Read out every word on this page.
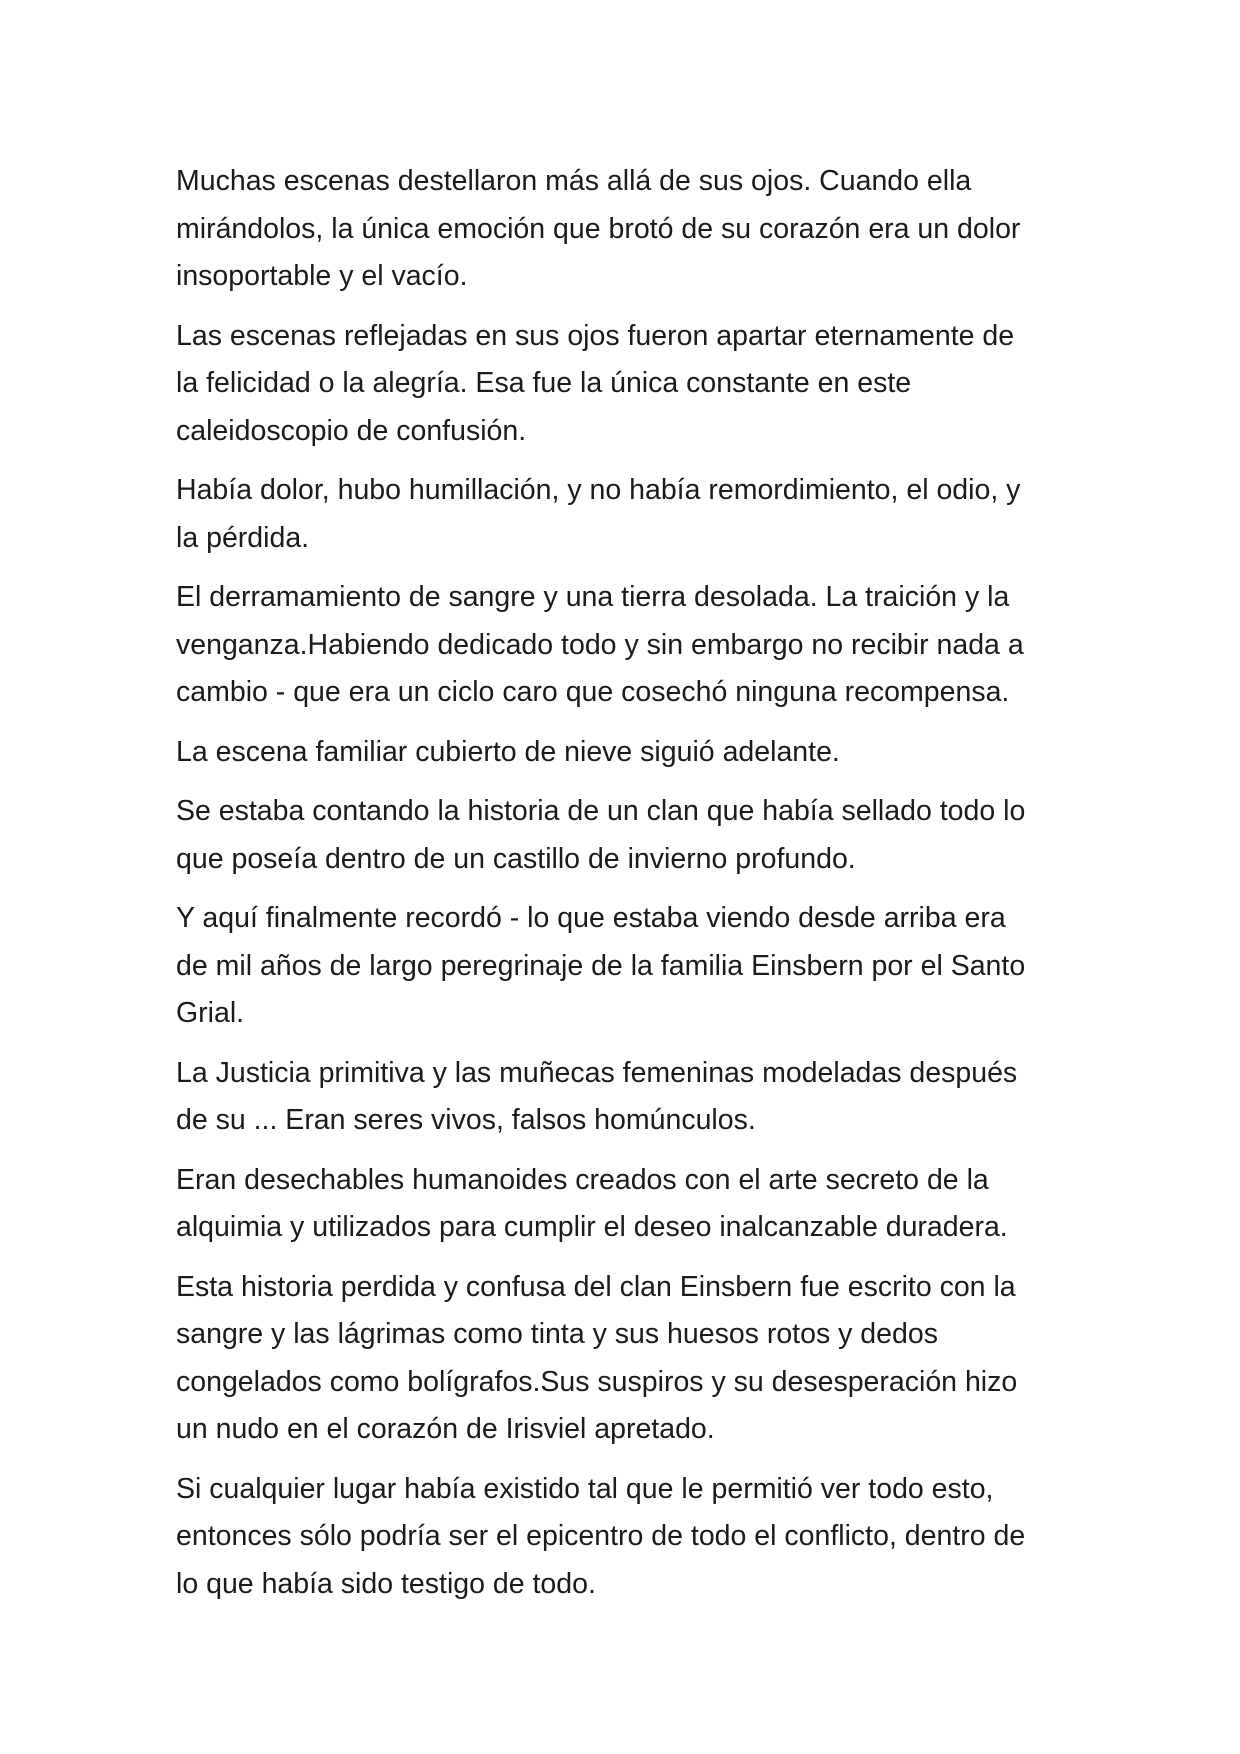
Muchas escenas destellaron más allá de sus ojos. Cuando ella
mirándolos, la única emoción que brotó de su corazón era un dolor
insoportable y el vacío.

Las escenas reflejadas en sus ojos fueron apartar eternamente de
la felicidad o la alegría. Esa fue la única constante en este
caleidoscopio de confusión.

Había dolor, hubo humillación, y no había remordimiento, el odio, y
la pérdida.

El derramamiento de sangre y una tierra desolada. La traición y la
venganza.Habiendo dedicado todo y sin embargo no recibir nada a
cambio - que era un ciclo caro que cosechó ninguna recompensa.

La escena familiar cubierto de nieve siguió adelante.

Se estaba contando la historia de un clan que había sellado todo lo
que poseía dentro de un castillo de invierno profundo.

Y aquí finalmente recordó - lo que estaba viendo desde arriba era
de mil años de largo peregrinaje de la familia Einsbern por el Santo
Grial.

La Justicia primitiva y las muñecas femeninas modeladas después
de su ... Eran seres vivos, falsos homúnculos.

Eran desechables humanoides creados con el arte secreto de la
alquimia y utilizados para cumplir el deseo inalcanzable duradera.

Esta historia perdida y confusa del clan Einsbern fue escrito con la
sangre y las lágrimas como tinta y sus huesos rotos y dedos
congelados como bolígrafos.Sus suspiros y su desesperación hizo
un nudo en el corazón de Irisviel apretado.

Si cualquier lugar había existido tal que le permitió ver todo esto,
entonces sólo podría ser el epicentro de todo el conflicto, dentro de
lo que había sido testigo de todo.
